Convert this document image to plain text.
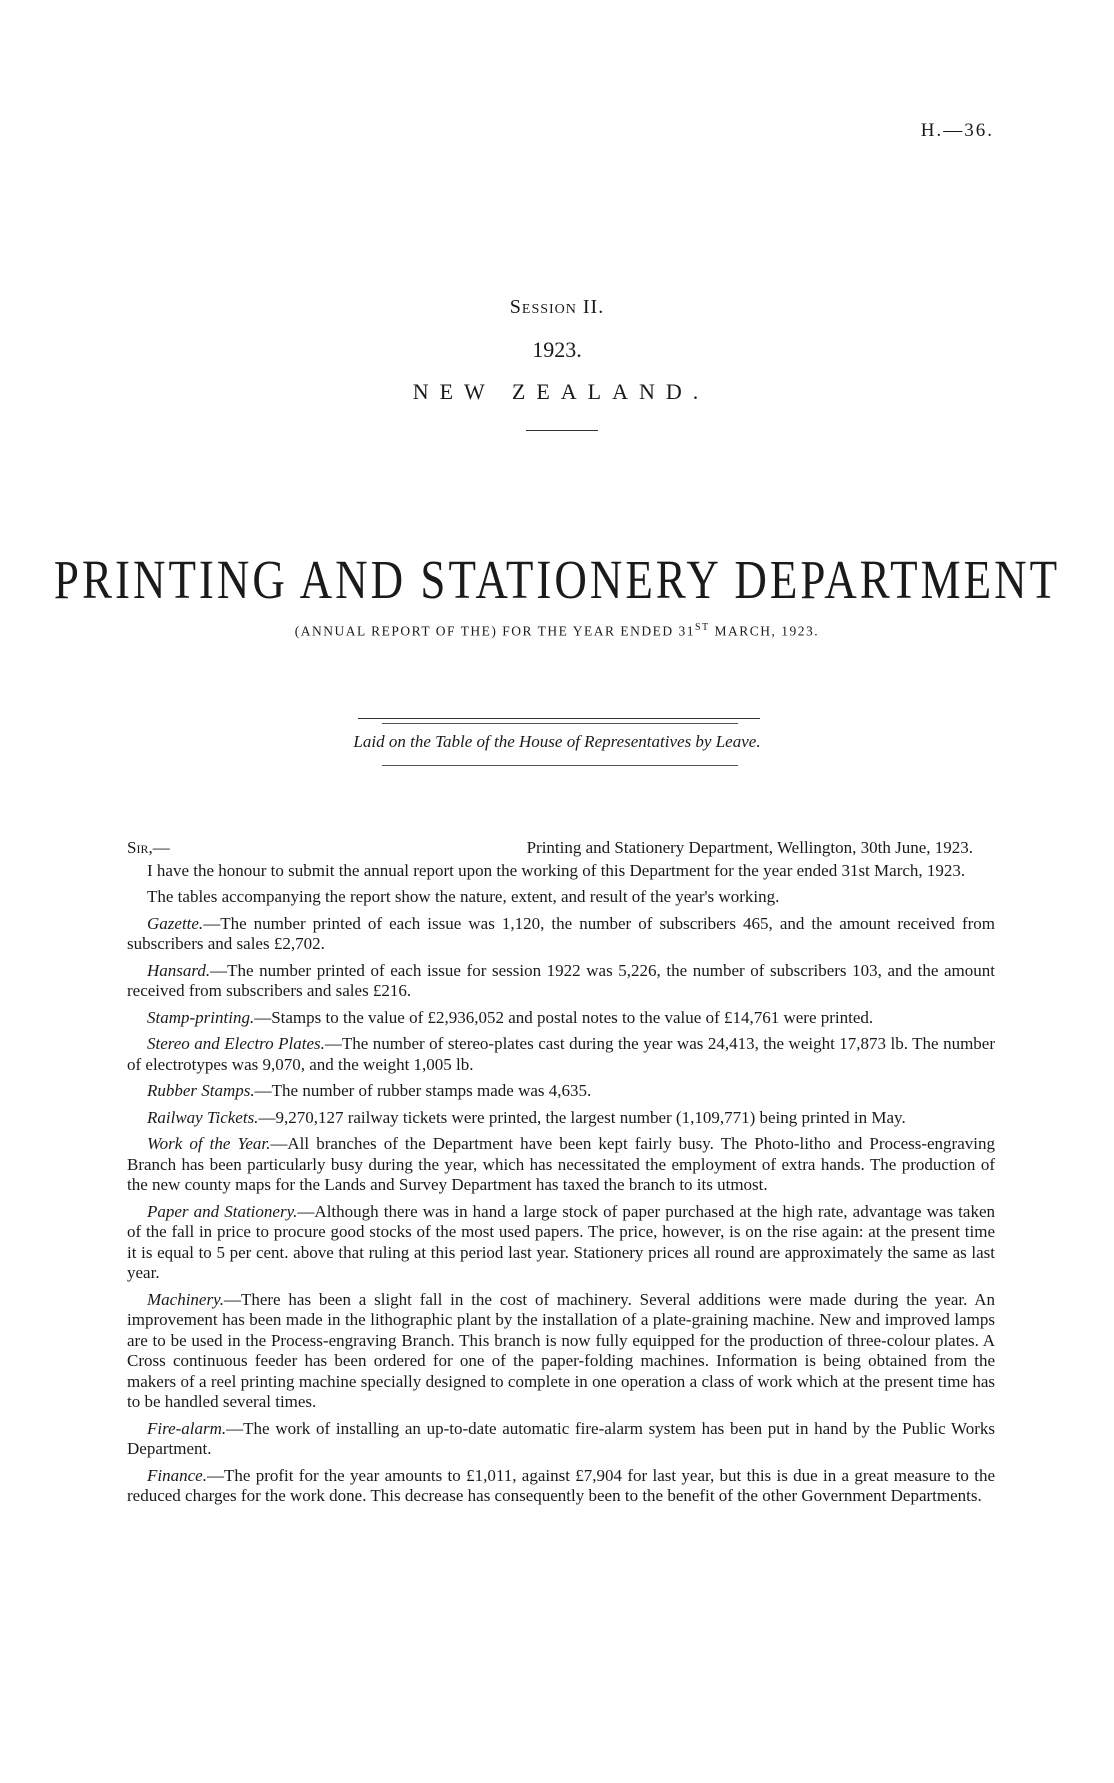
H.—36.
Session II.
1923.
NEW ZEALAND.
PRINTING AND STATIONERY DEPARTMENT
(ANNUAL REPORT OF THE) FOR THE YEAR ENDED 31ST MARCH, 1923.
Laid on the Table of the House of Representatives by Leave.
Sir,—	Printing and Stationery Department, Wellington, 30th June, 1923.

I have the honour to submit the annual report upon the working of this Department for the year ended 31st March, 1923.

The tables accompanying the report show the nature, extent, and result of the year's working.

Gazette.—The number printed of each issue was 1,120, the number of subscribers 465, and the amount received from subscribers and sales £2,702.

Hansard.—The number printed of each issue for session 1922 was 5,226, the number of subscribers 103, and the amount received from subscribers and sales £216.

Stamp-printing.—Stamps to the value of £2,936,052 and postal notes to the value of £14,761 were printed.

Stereo and Electro Plates.—The number of stereo-plates cast during the year was 24,413, the weight 17,873 lb. The number of electrotypes was 9,070, and the weight 1,005 lb.

Rubber Stamps.—The number of rubber stamps made was 4,635.

Railway Tickets.—9,270,127 railway tickets were printed, the largest number (1,109,771) being printed in May.

Work of the Year.—All branches of the Department have been kept fairly busy. The Photo-litho and Process-engraving Branch has been particularly busy during the year, which has necessitated the employment of extra hands. The production of the new county maps for the Lands and Survey Department has taxed the branch to its utmost.

Paper and Stationery.—Although there was in hand a large stock of paper purchased at the high rate, advantage was taken of the fall in price to procure good stocks of the most used papers. The price, however, is on the rise again: at the present time it is equal to 5 per cent. above that ruling at this period last year. Stationery prices all round are approximately the same as last year.

Machinery.—There has been a slight fall in the cost of machinery. Several additions were made during the year. An improvement has been made in the lithographic plant by the installation of a plate-graining machine. New and improved lamps are to be used in the Process-engraving Branch. This branch is now fully equipped for the production of three-colour plates. A Cross continuous feeder has been ordered for one of the paper-folding machines. Information is being obtained from the makers of a reel printing machine specially designed to complete in one operation a class of work which at the present time has to be handled several times.

Fire-alarm.—The work of installing an up-to-date automatic fire-alarm system has been put in hand by the Public Works Department.

Finance.—The profit for the year amounts to £1,011, against £7,904 for last year, but this is due in a great measure to the reduced charges for the work done. This decrease has consequently been to the benefit of the other Government Departments.
